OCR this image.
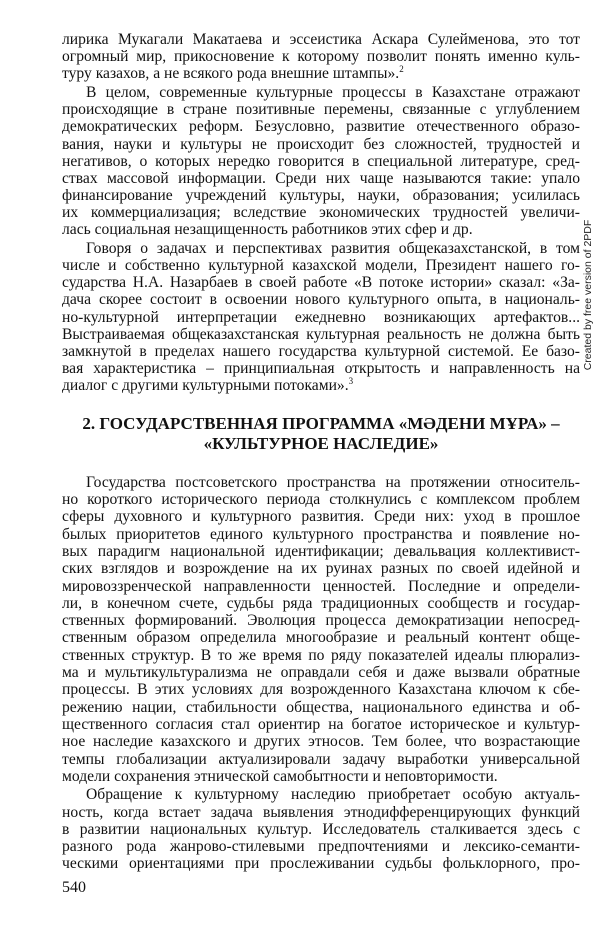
лирика Мукагали Макатаева и эссеистика Аскара Сулейменова, это тот
огромный мир, прикосновение к которому позволит понять именно куль-
туру казахов, а не всякого рода внешние штампы».$^2$
В целом, современные культурные процессы в Казахстане отражают
происходящие в стране позитивные перемены, связанные с углублением
демократических реформ. Безусловно, развитие отечественного образо-
вания, науки и культуры не происходит без сложностей, трудностей и
негативов, о которых нередко говорится в специальной литературе, сред-
ствах массовой информации. Среди них чаще называются такие: упало
финансирование учреждений культуры, науки, образования; усилилась
их коммерциализация; вследствие экономических трудностей увеличи-
лась социальная незащищенность работников этих сфер и др.
Говоря о задачах и перспективах развития общеказахстанской, в том
числе и собственно культурной казахской модели, Президент нашего го-
сударства Н.А. Назарбаев в своей работе «В потоке истории» сказал: «За-
дача скорее состоит в освоении нового культурного опыта, в националь-
но-культурной интерпретации ежедневно возникающих артефактов...
Выстраиваемая общеказахстанская культурная реальность не должна быть
замкнутой в пределах нашего государства культурной системой. Ее базо-
вая характеристика – принципиальная открытость и направленность на
диалог с другими культурными потоками».$^3$
2. ГОСУДАРСТВЕННАЯ ПРОГРАММА «МӘДЕНИ МҰРА» –
«КУЛЬТУРНОЕ НАСЛЕДИЕ»
Государства постсоветского пространства на протяжении относитель-
но короткого исторического периода столкнулись с комплексом проблем
сферы духовного и культурного развития. Среди них: уход в прошлое
былых приоритетов единого культурного пространства и появление но-
вых парадигм национальной идентификации; девальвация коллективист-
ских взглядов и возрождение на их руинах разных по своей идейной и
мировоззренческой направленности ценностей. Последние и определи-
ли, в конечном счете, судьбы ряда традиционных сообществ и государ-
ственных формирований. Эволюция процесса демократизации непосред-
ственным образом определила многообразие и реальный контент обще-
ственных структур. В то же время по ряду показателей идеалы плюрализ-
ма и мультикультурализма не оправдали себя и даже вызвали обратные
процессы. В этих условиях для возрожденного Казахстана ключом к сбе-
режению нации, стабильности общества, национального единства и об-
щественного согласия стал ориентир на богатое историческое и культур-
ное наследие казахского и других этносов. Тем более, что возрастающие
темпы глобализации актуализировали задачу выработки универсальной
модели сохранения этнической самобытности и неповторимости.
Обращение к культурному наследию приобретает особую актуаль-
ность, когда встает задача выявления этнодифференцирующих функций
в развитии национальных культур. Исследователь сталкивается здесь с
разного рода жанрово-стилевыми предпочтениями и лексико-семанти-
ческими ориентациями при прослеживании судьбы фольклорного, про-
540
Created by free version of 2PDF
